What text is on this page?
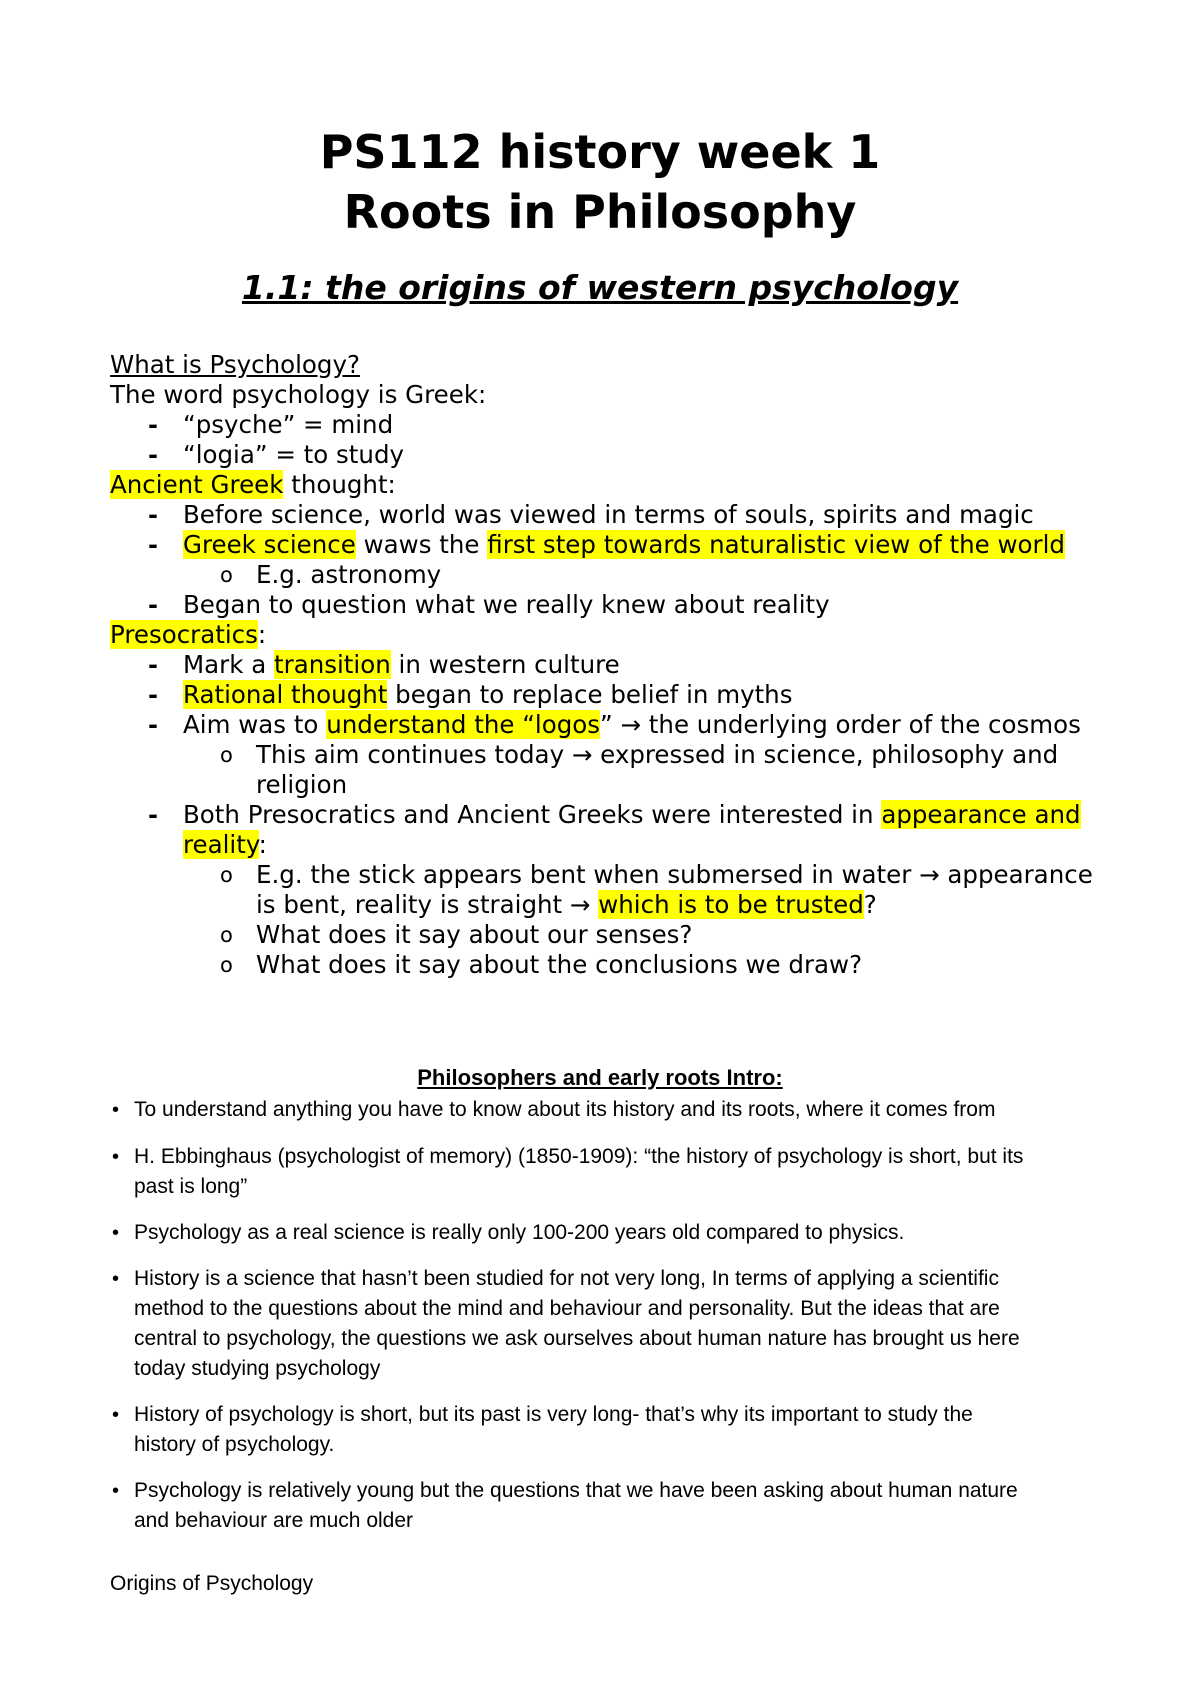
PS112 history week 1
Roots in Philosophy
1.1: the origins of western psychology
What is Psychology?
The word psychology is Greek:
- “psyche” = mind
- “logia” = to study
Ancient Greek thought:
- Before science, world was viewed in terms of souls, spirits and magic
- Greek science waws the first step towards naturalistic view of the world
o E.g. astronomy
- Began to question what we really knew about reality
Presocratics:
- Mark a transition in western culture
- Rational thought began to replace belief in myths
- Aim was to understand the “logos” → the underlying order of the cosmos
o This aim continues today → expressed in science, philosophy and
religion
- Both Presocratics and Ancient Greeks were interested in appearance and
reality:
o E.g. the stick appears bent when submersed in water → appearance
is bent, reality is straight → which is to be trusted?
o What does it say about our senses?
o What does it say about the conclusions we draw?
Philosophers and early roots Intro:
• To understand anything you have to know about its history and its roots, where it comes from
• H. Ebbinghaus (psychologist of memory) (1850-1909): “the history of psychology is short, but its
past is long”
• Psychology as a real science is really only 100-200 years old compared to physics.
• History is a science that hasn’t been studied for not very long, In terms of applying a scientific
method to the questions about the mind and behaviour and personality. But the ideas that are
central to psychology, the questions we ask ourselves about human nature has brought us here
today studying psychology
• History of psychology is short, but its past is very long- that’s why its important to study the
history of psychology.
• Psychology is relatively young but the questions that we have been asking about human nature
and behaviour are much older
Origins of Psychology
